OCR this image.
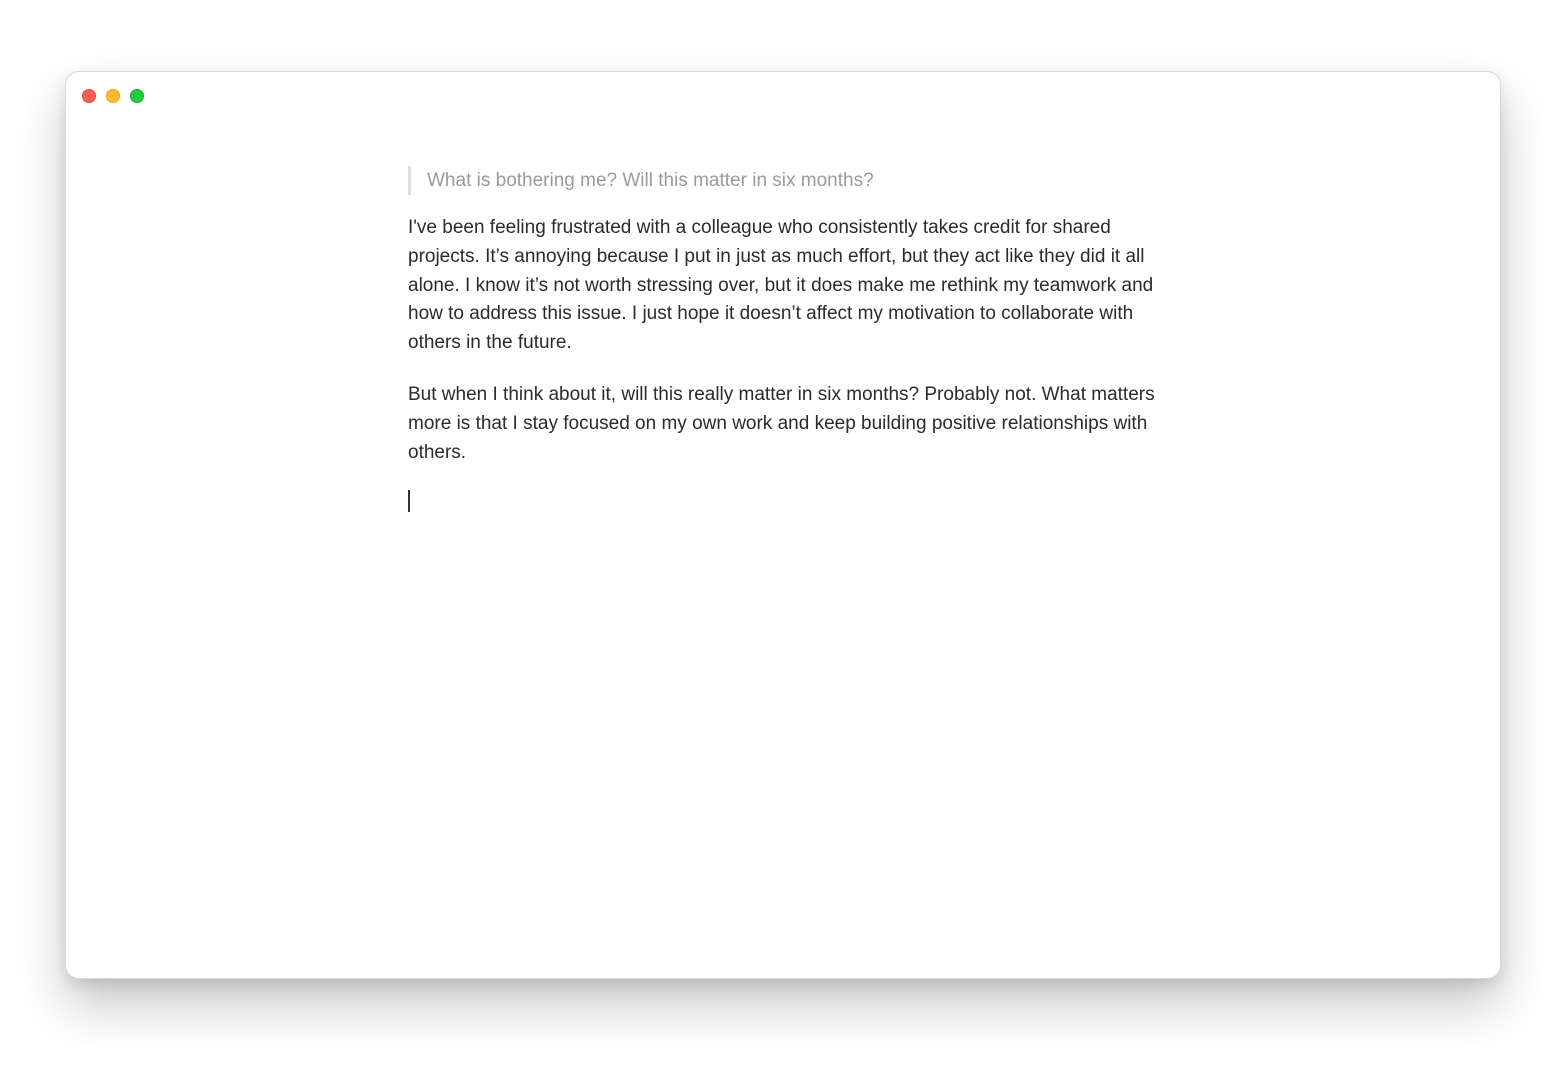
What is bothering me? Will this matter in six months?

I've been feeling frustrated with a colleague who consistently takes credit for shared projects. It’s annoying because I put in just as much effort, but they act like they did it all alone. I know it’s not worth stressing over, but it does make me rethink my teamwork and how to address this issue. I just hope it doesn’t affect my motivation to collaborate with others in the future.

But when I think about it, will this really matter in six months? Probably not. What matters more is that I stay focused on my own work and keep building positive relationships with others.
